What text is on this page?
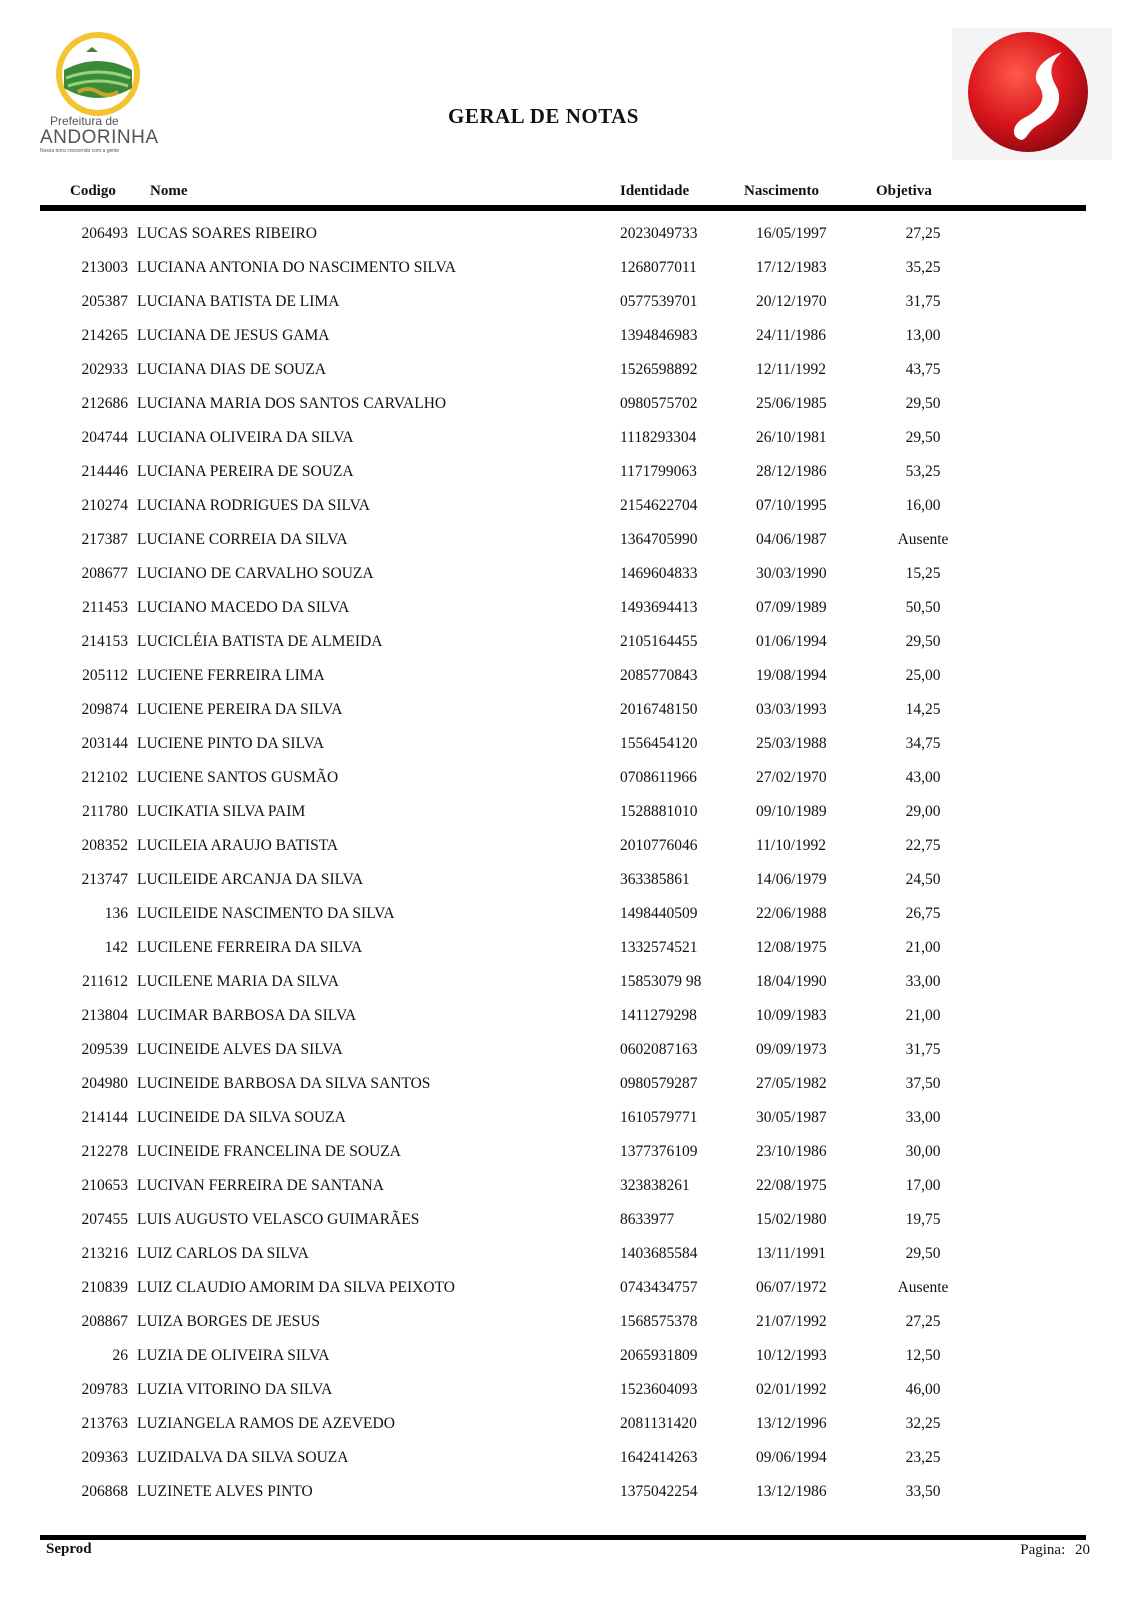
Prefeitura de
ANDORINHA
Nossa terra crescendo com a gente
GERAL DE NOTAS
Codigo Nome	Identidade	Nascimento	Objetiva
206493 LUCAS SOARES RIBEIRO	2023049733	16/05/1997	27,25
213003 LUCIANA ANTONIA DO NASCIMENTO SILVA	1268077011	17/12/1983	35,25
205387 LUCIANA BATISTA DE LIMA	0577539701	20/12/1970	31,75
214265 LUCIANA DE JESUS GAMA	1394846983	24/11/1986	13,00
202933 LUCIANA DIAS DE SOUZA	1526598892	12/11/1992	43,75
212686 LUCIANA MARIA DOS SANTOS CARVALHO	0980575702	25/06/1985	29,50
204744 LUCIANA OLIVEIRA DA SILVA	1118293304	26/10/1981	29,50
214446 LUCIANA PEREIRA DE SOUZA	1171799063	28/12/1986	53,25
210274 LUCIANA RODRIGUES DA SILVA	2154622704	07/10/1995	16,00
217387 LUCIANE CORREIA DA SILVA	1364705990	04/06/1987	Ausente
208677 LUCIANO DE CARVALHO SOUZA	1469604833	30/03/1990	15,25
211453 LUCIANO MACEDO DA SILVA	1493694413	07/09/1989	50,50
214153 LUCICLÉIA BATISTA DE ALMEIDA	2105164455	01/06/1994	29,50
205112 LUCIENE FERREIRA LIMA	2085770843	19/08/1994	25,00
209874 LUCIENE PEREIRA DA SILVA	2016748150	03/03/1993	14,25
203144 LUCIENE PINTO DA SILVA	1556454120	25/03/1988	34,75
212102 LUCIENE SANTOS GUSMÃO	0708611966	27/02/1970	43,00
211780 LUCIKATIA SILVA PAIM	1528881010	09/10/1989	29,00
208352 LUCILEIA ARAUJO BATISTA	2010776046	11/10/1992	22,75
213747 LUCILEIDE ARCANJA DA SILVA	363385861	14/06/1979	24,50
136 LUCILEIDE NASCIMENTO DA SILVA	1498440509	22/06/1988	26,75
142 LUCILENE FERREIRA DA SILVA	1332574521	12/08/1975	21,00
211612 LUCILENE MARIA DA SILVA	15853079 98	18/04/1990	33,00
213804 LUCIMAR BARBOSA DA SILVA	1411279298	10/09/1983	21,00
209539 LUCINEIDE ALVES DA SILVA	0602087163	09/09/1973	31,75
204980 LUCINEIDE BARBOSA DA SILVA SANTOS	0980579287	27/05/1982	37,50
214144 LUCINEIDE DA SILVA SOUZA	1610579771	30/05/1987	33,00
212278 LUCINEIDE FRANCELINA DE SOUZA	1377376109	23/10/1986	30,00
210653 LUCIVAN FERREIRA DE SANTANA	323838261	22/08/1975	17,00
207455 LUIS AUGUSTO VELASCO GUIMARÃES	8633977	15/02/1980	19,75
213216 LUIZ CARLOS DA SILVA	1403685584	13/11/1991	29,50
210839 LUIZ CLAUDIO AMORIM DA SILVA PEIXOTO	0743434757	06/07/1972	Ausente
208867 LUIZA BORGES DE JESUS	1568575378	21/07/1992	27,25
26 LUZIA DE OLIVEIRA SILVA	2065931809	10/12/1993	12,50
209783 LUZIA VITORINO DA SILVA	1523604093	02/01/1992	46,00
213763 LUZIANGELA RAMOS DE AZEVEDO	2081131420	13/12/1996	32,25
209363 LUZIDALVA DA SILVA SOUZA	1642414263	09/06/1994	23,25
206868 LUZINETE ALVES PINTO	1375042254	13/12/1986	33,50
Seprod	Pagina: 20
